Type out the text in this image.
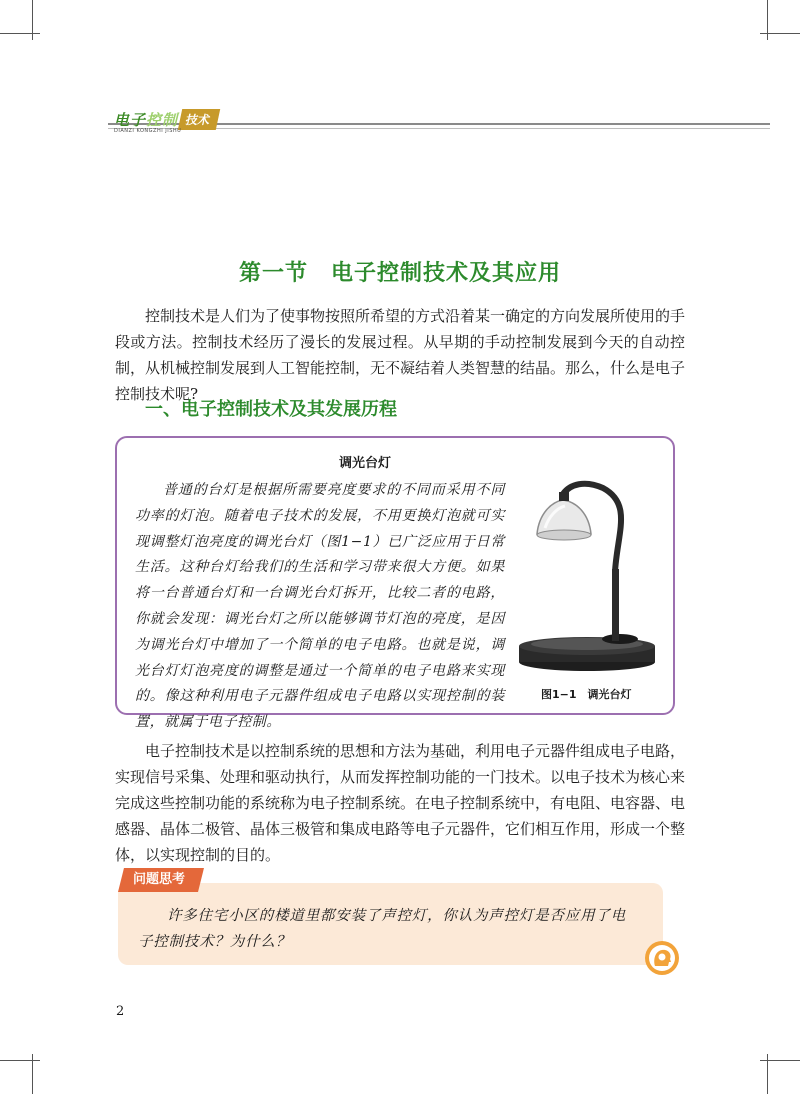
电子 控制 技术
DIANZI KONGZHI JISHU
第一节　电子控制技术及其应用
控制技术是人们为了使事物按照所希望的方式沿着某一确定的方向发展所使用的手段或方法。控制技术经历了漫长的发展过程。从早期的手动控制发展到今天的自动控制，从机械控制发展到人工智能控制，无不凝结着人类智慧的结晶。那么，什么是电子控制技术呢?
一、电子控制技术及其发展历程
调光台灯
普通的台灯是根据所需要亮度要求的不同而采用不同功率的灯泡。随着电子技术的发展，不用更换灯泡就可实现调整灯泡亮度的调光台灯（图1−1）已广泛应用于日常生活。这种台灯给我们的生活和学习带来很大方便。如果将一台普通台灯和一台调光台灯拆开，比较二者的电路，你就会发现：调光台灯之所以能够调节灯泡的亮度，是因为调光台灯中增加了一个简单的电子电路。也就是说，调光台灯灯泡亮度的调整是通过一个简单的电子电路来实现的。像这种利用电子元器件组成电子电路以实现控制的装置，就属于电子控制。
图1−1　调光台灯
电子控制技术是以控制系统的思想和方法为基础，利用电子元器件组成电子电路，实现信号采集、处理和驱动执行，从而发挥控制功能的一门技术。以电子技术为核心来完成这些控制功能的系统称为电子控制系统。在电子控制系统中，有电阻、电容器、电感器、晶体二极管、晶体三极管和集成电路等电子元器件，它们相互作用，形成一个整体，以实现控制的目的。
问题思考
许多住宅小区的楼道里都安装了声控灯，你认为声控灯是否应用了电子控制技术？为什么？
2
